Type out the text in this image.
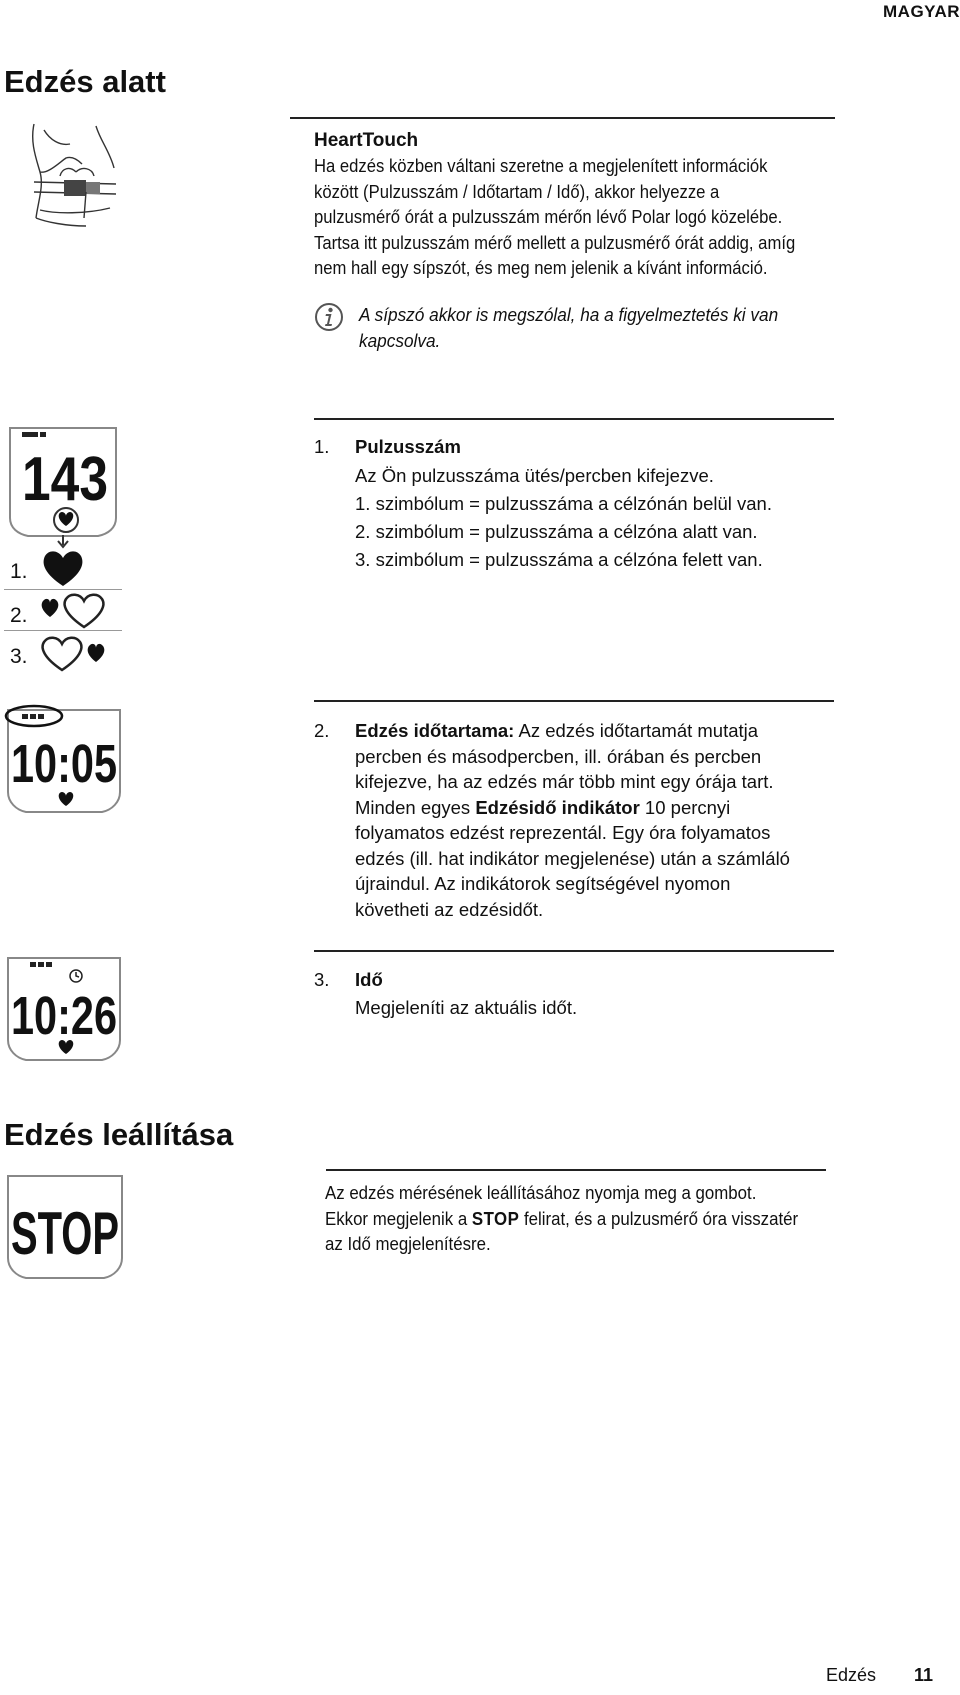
MAGYAR
Edzés alatt
HeartTouch
Ha edzés közben váltani szeretne a megjelenített információk
között (Pulzusszám / Időtartam / Idő), akkor helyezze a
pulzusmérő órát a pulzusszám mérőn lévő Polar logó közelébe.
Tartsa itt pulzusszám mérő mellett a pulzusmérő órát addig, amíg
nem hall egy sípszót, és meg nem jelenik a kívánt információ.
A sípszó akkor is megszólal, ha a figyelmeztetés ki van
kapcsolva.
143
1.
2.
3.
1. Pulzusszám
Az Ön pulzusszáma ütés/percben kifejezve.
1. szimbólum = pulzusszáma a célzónán belül van.
2. szimbólum = pulzusszáma a célzóna alatt van.
3. szimbólum = pulzusszáma a célzóna felett van.
10:05
2. Edzés időtartama: Az edzés időtartamát mutatja
percben és másodpercben, ill. órában és percben
kifejezve, ha az edzés már több mint egy órája tart.
Minden egyes Edzésidő indikátor 10 percnyi
folyamatos edzést reprezentál. Egy óra folyamatos
edzés (ill. hat indikátor megjelenése) után a számláló
újraindul. Az indikátorok segítségével nyomon
követheti az edzésidőt.
10:26
3. Idő
Megjeleníti az aktuális időt.
Edzés leállítása
STOP
Az edzés mérésének leállításához nyomja meg a gombot.
Ekkor megjelenik a STOP felirat, és a pulzusmérő óra visszatér
az Idő megjelenítésre.
Edzés 11
